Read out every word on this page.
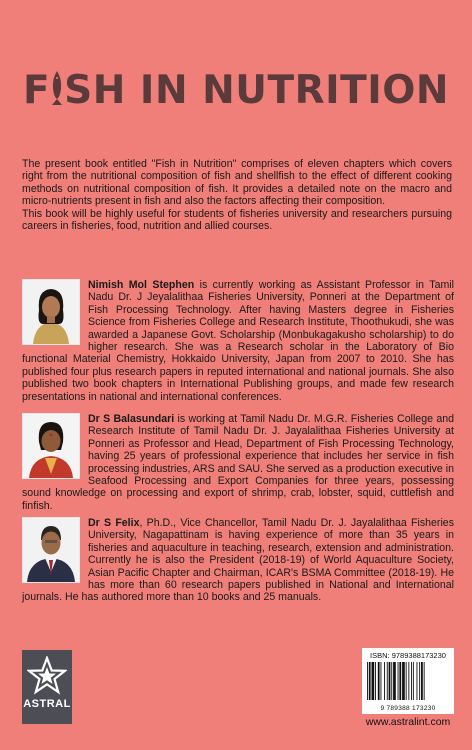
F SH IN NUTRITION

The present book entitled "Fish in Nutrition" comprises of eleven chapters which covers right from the nutritional composition of fish and shellfish to the effect of different cooking methods on nutritional composition of fish. It provides a detailed note on the macro and micro-nutrients present in fish and also the factors affecting their composition.

This book will be highly useful for students of fisheries university and researchers pursuing careers in fisheries, food, nutrition and allied courses.

Nimish Mol Stephen is currently working as Assistant Professor in Tamil Nadu Dr. J Jeyalalithaa Fisheries University, Ponneri at the Department of Fish Processing Technology. After having Masters degree in Fisheries Science from Fisheries College and Research Institute, Thoothukudi, she was awarded a Japanese Govt. Scholarship (Monbukagakusho scholarship) to do higher research. She was a Research scholar in the Laboratory of Bio functional Material Chemistry, Hokkaido University, Japan from 2007 to 2010. She has published four plus research papers in reputed international and national journals. She also published two book chapters in International Publishing groups, and made few research presentations in national and international conferences.
Dr S Balasundari is working at Tamil Nadu Dr. M.G.R. Fisheries College and Research Institute of Tamil Nadu Dr. J. Jayalalithaa Fisheries University at Ponneri as Professor and Head, Department of Fish Processing Technology, having 25 years of professional experience that includes her service in fish processing industries, ARS and SAU. She served as a production executive in Seafood Processing and Export Companies for three years, possessing sound knowledge on processing and export of shrimp, crab, lobster, squid, cuttlefish and finfish.
Dr S Felix, Ph.D., Vice Chancellor, Tamil Nadu Dr. J. Jayalalithaa Fisheries University, Nagapattinam is having experience of more than 35 years in fisheries and aquaculture in teaching, research, extension and administration. Currently he is also the President (2018-19) of World Aquaculture Society, Asian Pacific Chapter and Chairman, ICAR's BSMA Committee (2018-19). He has more than 60 research papers published in National and International journals. He has authored more than 10 books and 25 manuals.
ASTRAL
ISBN: 9789388173230
9 789388 173230
www.astralint.com
